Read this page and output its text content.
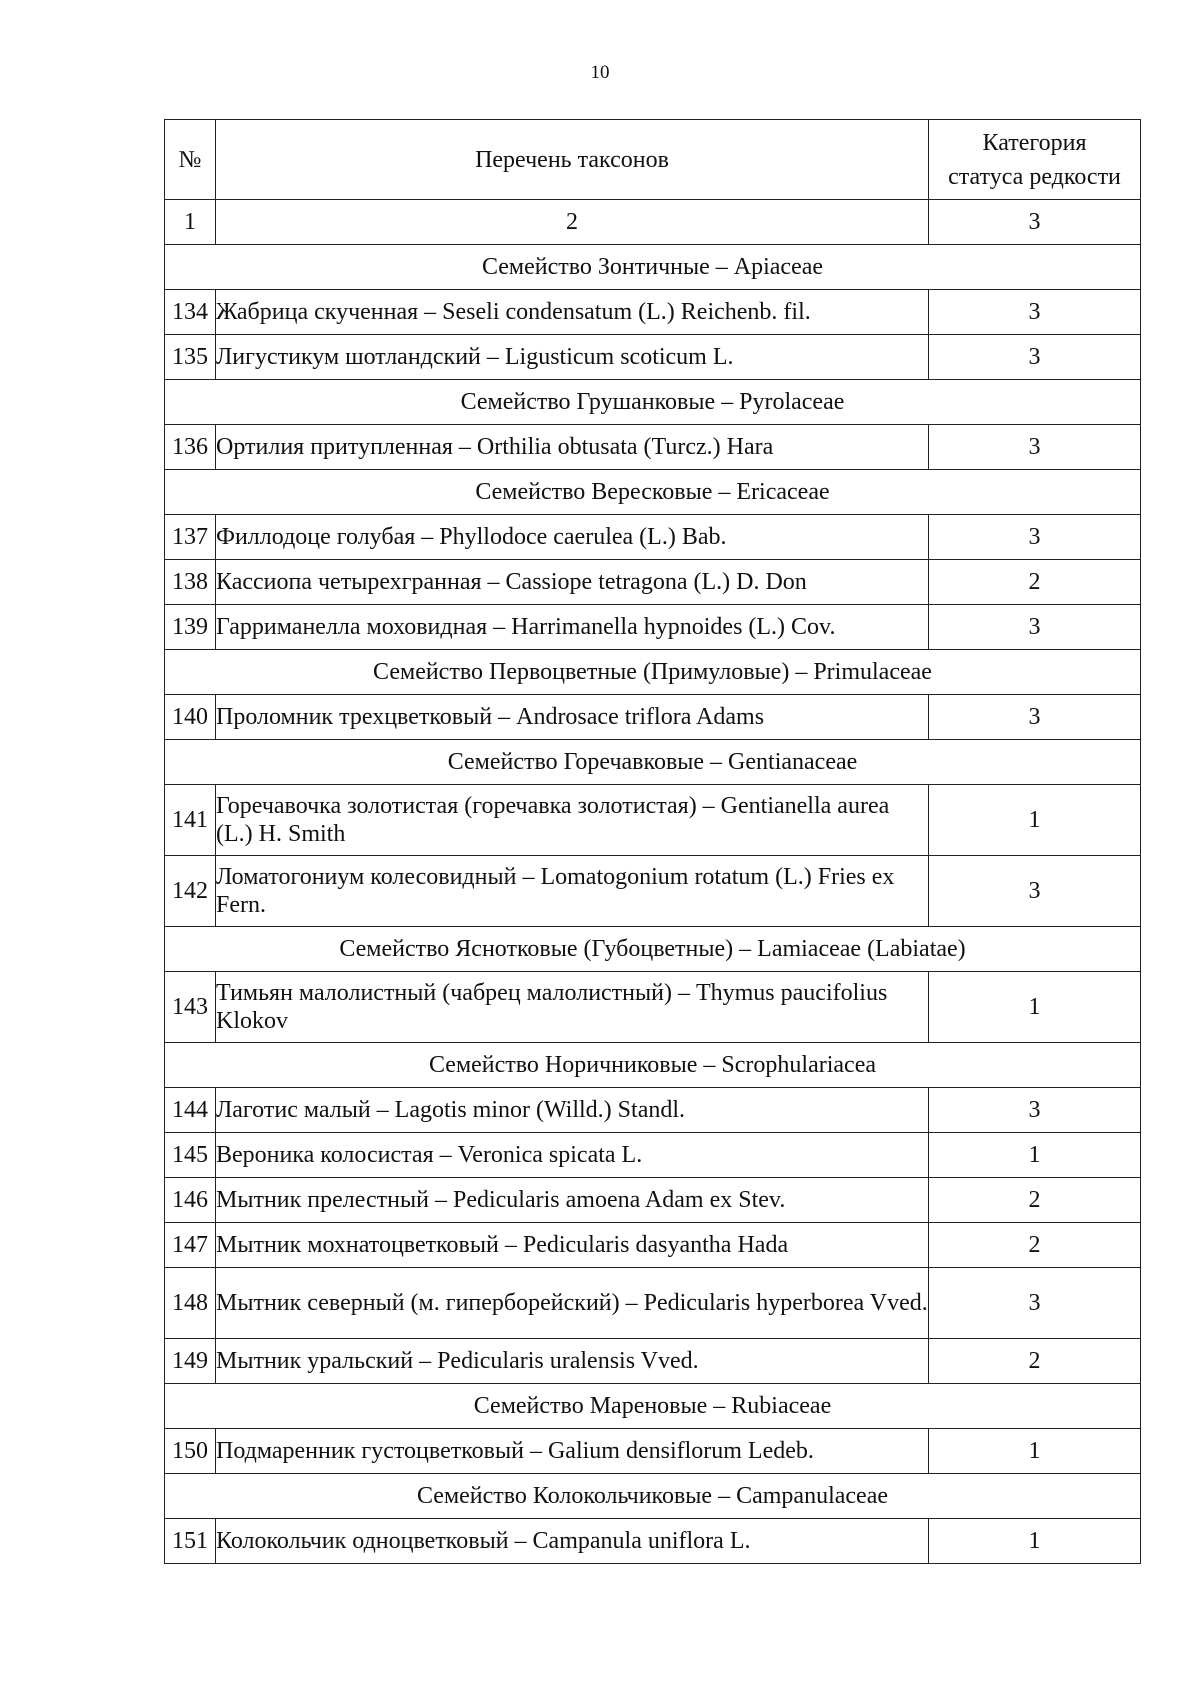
10
№	Перечень таксонов	Категория
статуса редкости
1	2	3
Семейство Зонтичные – Apiaceae		
134	Жабрица скученная – Seseli condensatum (L.) Reichenb. fil.	3
135	Лигустикум шотландский – Ligusticum scoticum L.	3
Семейство Грушанковые – Pyrolaceae		
136	Ортилия притупленная – Orthilia obtusata (Turcz.) Hara	3
Семейство Вересковые – Ericaceae		
137	Филлодоце голубая – Phyllodoce caerulea (L.) Bab.	3
138	Кассиопа четырехгранная – Cassiope tetragona (L.) D. Don	2
139	Гарриманелла моховидная – Harrimanella hypnoides (L.) Cov.	3
Семейство Первоцветные (Примуловые) – Primulaceae		
140	Проломник трехцветковый – Androsace triflora Adams	3
Семейство Горечавковые – Gentianaceae		
141	Горечавочка золотистая (горечавка золотистая) – Gentianella aurea (L.) H. Smith	1
142	Ломатогониум колесовидный – Lomatogonium rotatum (L.) Fries ex Fern.	3
Семейство Яснотковые (Губоцветные) – Lamiaceae (Labiatae)		
143	Тимьян малолистный (чабрец малолистный) – Thymus paucifolius Klokov	1
Семейство Норичниковые – Scrophulariacea		
144	Лаготис малый – Lagotis minor (Willd.) Standl.	3
145	Вероника колосистая – Veronica spicata L.	1
146	Мытник прелестный – Pedicularis amoena Adam ex Stev.	2
147	Мытник мохнатоцветковый – Pedicularis dasyantha Hada	2
148	Мытник северный (м. гиперборейский) – Pedicularis hyperborea Vved.	3
149	Мытник уральский – Pedicularis uralensis Vved.	2
Семейство Мареновые – Rubiaceae		
150	Подмаренник густоцветковый – Galium densiflorum Ledeb.	1
Семейство Колокольчиковые – Campanulaceae		
151	Колокольчик одноцветковый – Campanula uniflora L.	1
